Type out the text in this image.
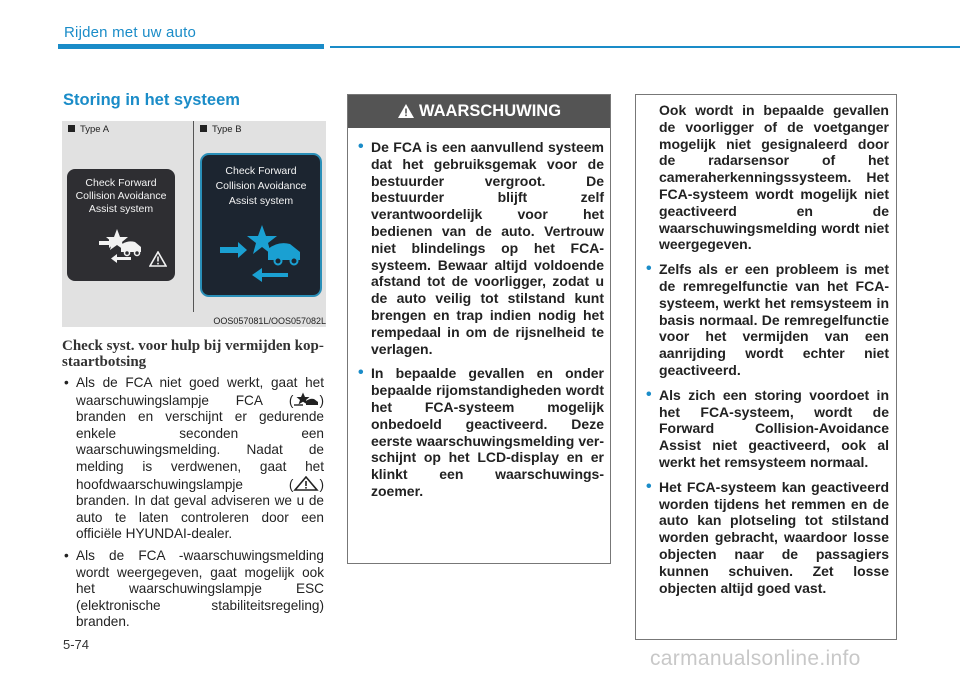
Rijden met uw auto
Storing in het systeem
Type A	Type B
Check Forward
Collision Avoidance
Assist system
Check Forward
Collision Avoidance
Assist system
OOS057081L/OOS057082L
Check syst. voor hulp bij vermijden kop-staartbotsing
• Als de FCA niet goed werkt, gaat het waarschuwingslampje FCA ( ) branden en verschijnt er gedurende enkele seconden een waarschuwingsmelding. Nadat de melding is verdwenen, gaat het hoofdwaarschuwingslampje ( ) branden. In dat geval adviseren we u de auto te laten controleren door een officiële HYUNDAI-dealer.
• Als de FCA -waarschuwingsmelding wordt weergegeven, gaat mogelijk ook het waarschuwingslampje ESC (elektronische stabiliteitsregeling) branden.
WAARSCHUWING
• De FCA is een aanvullend systeem dat het gebruiksgemak voor de bestuurder vergroot. De bestuurder blijft zelf verantwoordelijk voor het bedienen van de auto. Vertrouw niet blindelings op het FCA-systeem. Bewaar altijd voldoende afstand tot de voorligger, zodat u de auto veilig tot stilstand kunt brengen en trap indien nodig het rempedaal in om de rijsnelheid te verlagen.
• In bepaalde gevallen en onder bepaalde rijomstandigheden wordt het FCA-systeem mogelijk onbedoeld geactiveerd. Deze eerste waarschuwingsmelding ver- schijnt op het LCD-display en er klinkt een waarschuwings- zoemer.
Ook wordt in bepaalde gevallen de voorligger of de voetganger mogelijk niet gesignaleerd door de radarsensor of het cameraherkenningssysteem. Het FCA-systeem wordt mogelijk niet geactiveerd en de waarschuwingsmelding wordt niet weergegeven.
• Zelfs als er een probleem is met de remregelfunctie van het FCA-systeem, werkt het remsysteem in basis normaal. De remregelfunctie voor het vermijden van een aanrijding wordt echter niet geactiveerd.
• Als zich een storing voordoet in het FCA-systeem, wordt de Forward Collision-Avoidance Assist niet geactiveerd, ook al werkt het remsysteem normaal.
• Het FCA-systeem kan geactiveerd worden tijdens het remmen en de auto kan plotseling tot stilstand worden gebracht, waardoor losse objecten naar de passagiers kunnen schuiven. Zet losse objecten altijd goed vast.
5-74
carmanualsonline.info
